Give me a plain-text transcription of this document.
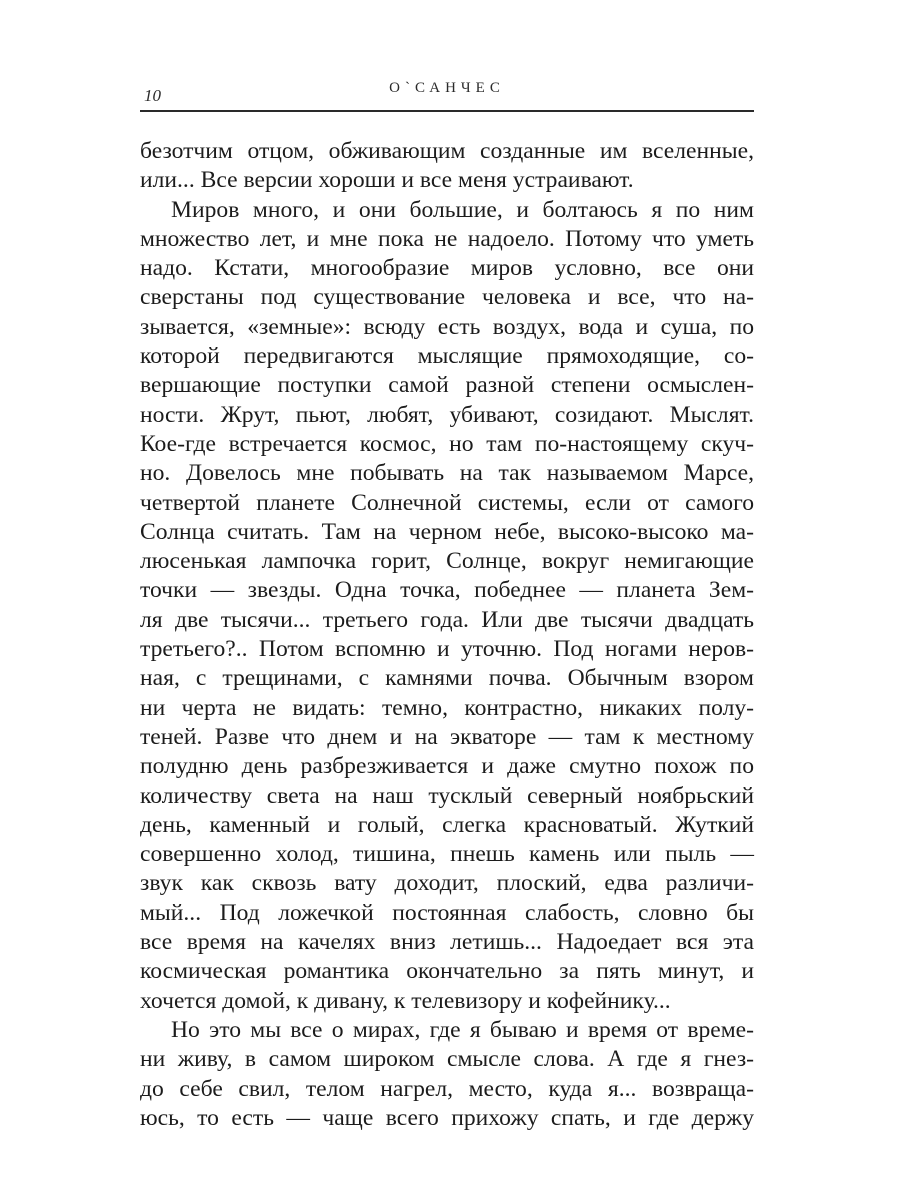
10	О`САНЧЕС

безотчим отцом, обживающим созданные им вселенные,

или... Все версии хороши и все меня устраивают.

Миров много, и они большие, и болтаюсь я по ним

множество лет, и мне пока не надоело. Потому что уметь

надо. Кстати, многообразие миров условно, все они

сверстаны под существование человека и все, что на-

зывается, «земные»: всюду есть воздух, вода и суша, по

которой передвигаются мыслящие прямоходящие, со-

вершающие поступки самой разной степени осмыслен-

ности. Жрут, пьют, любят, убивают, созидают. Мыслят.

Кое-где встречается космос, но там по-настоящему скуч-

но. Довелось мне побывать на так называемом Марсе,

четвертой планете Солнечной системы, если от самого

Солнца считать. Там на черном небе, высоко-высоко ма-

люсенькая лампочка горит, Солнце, вокруг немигающие

точки — звезды. Одна точка, победнее — планета Зем-

ля две тысячи... третьего года. Или две тысячи двадцать

третьего?.. Потом вспомню и уточню. Под ногами неров-

ная, с трещинами, с камнями почва. Обычным взором

ни черта не видать: темно, контрастно, никаких полу-

теней. Разве что днем и на экваторе — там к местному

полудню день разбрезживается и даже смутно похож по

количеству света на наш тусклый северный ноябрьский

день, каменный и голый, слегка красноватый. Жуткий

совершенно холод, тишина, пнешь камень или пыль —

звук как сквозь вату доходит, плоский, едва различи-

мый... Под ложечкой постоянная слабость, словно бы

все время на качелях вниз летишь... Надоедает вся эта

космическая романтика окончательно за пять минут, и

хочется домой, к дивану, к телевизору и кофейнику...

Но это мы все о мирах, где я бываю и время от време-

ни живу, в самом широком смысле слова. А где я гнез-

до себе свил, телом нагрел, место, куда я... возвраща-

юсь, то есть — чаще всего прихожу спать, и где держу
